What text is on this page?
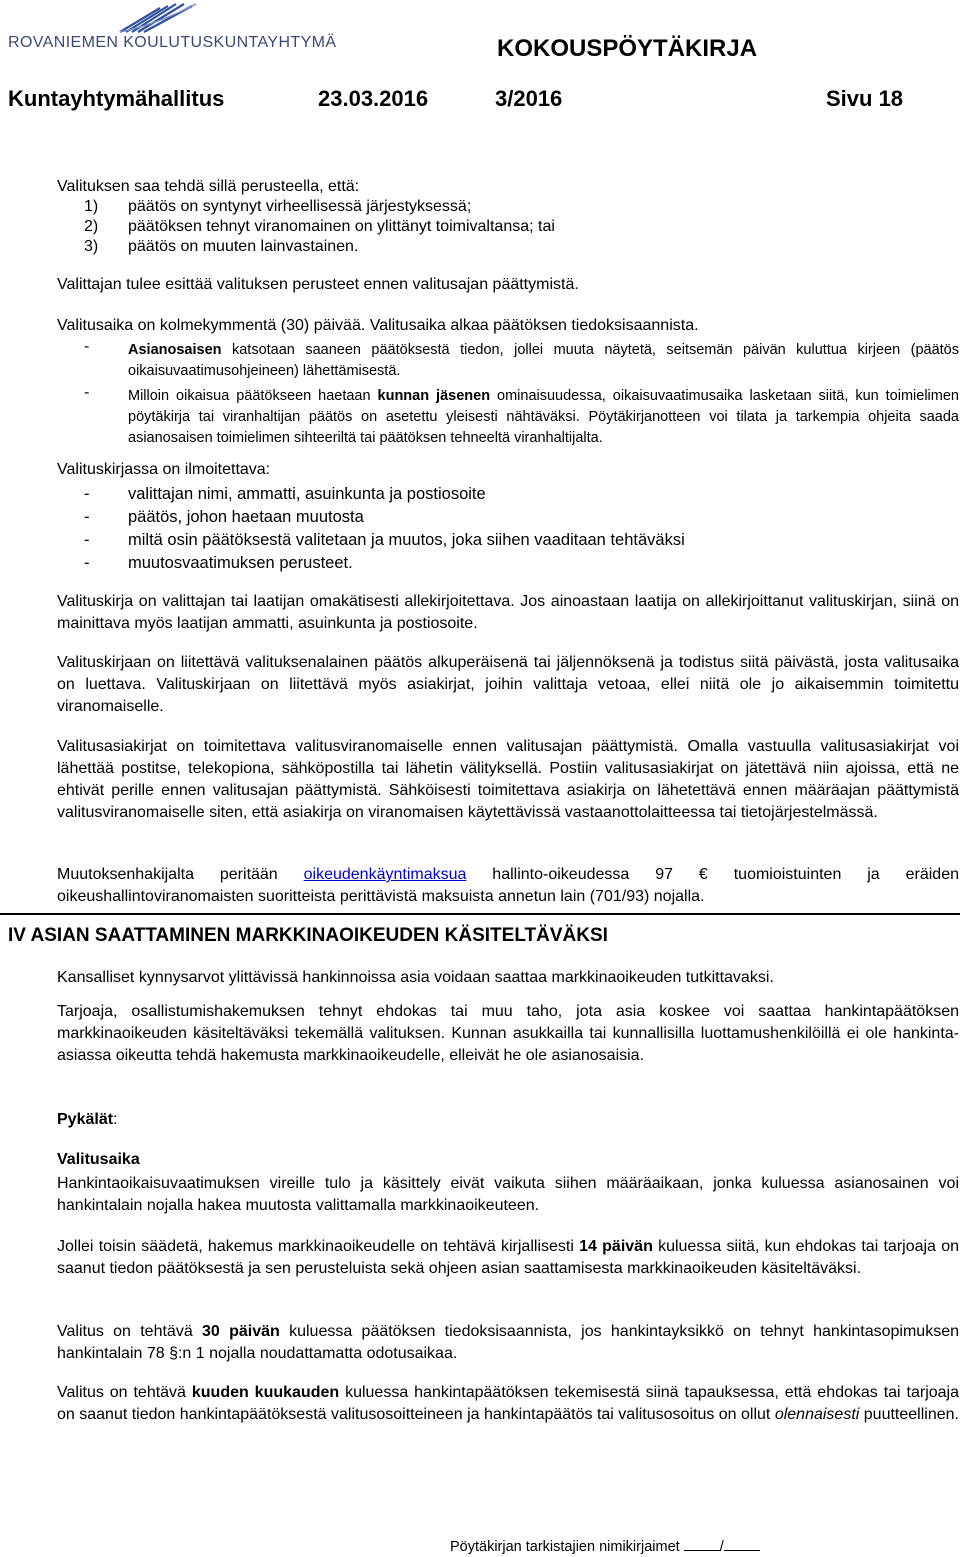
ROVANIEMEN KOULUTUSKUNTAYHTYMÄ	KOKOUSPÖYTÄKIRJA
Kuntayhtymähallitus	23.03.2016	3/2016	Sivu 18
Valituksen saa tehdä sillä perusteella, että:
1) päätös on syntynyt virheellisessä järjestyksessä;
2) päätöksen tehnyt viranomainen on ylittänyt toimivaltansa; tai
3) päätös on muuten lainvastainen.
Valittajan tulee esittää valituksen perusteet ennen valitusajan päättymistä.
Valitusaika on kolmekymmentä (30) päivää. Valitusaika alkaa päätöksen tiedoksisaannista.
-	Asianosaisen katsotaan saaneen päätöksestä tiedon, jollei muuta näytetä, seitsemän päivän kuluttua kirjeen (päätös oikaisuvaatimusohjeineen) lähettämisestä.
-	Milloin oikaisua päätökseen haetaan kunnan jäsenen ominaisuudessa, oikaisuvaatimusaika lasketaan siitä, kun toimielimen pöytäkirja tai viranhaltijan päätös on asetettu yleisesti nähtäväksi. Pöytäkirjanotteen voi tilata ja tarkempia ohjeita saada asianosaisen toimielimen sihteeriltä tai päätöksen tehneeltä viranhaltijalta.
Valituskirjassa on ilmoitettava:
- valittajan nimi, ammatti, asuinkunta ja postiosoite
- päätös, johon haetaan muutosta
- miltä osin päätöksestä valitetaan ja muutos, joka siihen vaaditaan tehtäväksi
- muutosvaatimuksen perusteet.
Valituskirja on valittajan tai laatijan omakätisesti allekirjoitettava. Jos ainoastaan laatija on allekirjoittanut valituskirjan, siinä on mainittava myös laatijan ammatti, asuinkunta ja postiosoite.
Valituskirjaan on liitettävä valituksenalainen päätös alkuperäisenä tai jäljennöksenä ja todistus siitä päivästä, josta valitusaika on luettava. Valituskirjaan on liitettävä myös asiakirjat, joihin valittaja vetoaa, ellei niitä ole jo aikaisemmin toimitettu viranomaiselle.
Valitusasiakirjat on toimitettava valitusviranomaiselle ennen valitusajan päättymistä. Omalla vastuulla valitusasiakirjat voi lähettää postitse, telekopiona, sähköpostilla tai lähetin välityksellä. Postiin valitusasiakirjat on jätettävä niin ajoissa, että ne ehtivät perille ennen valitusajan päättymistä. Sähköisesti toimitettava asiakirja on lähetettävä ennen määräajan päättymistä valitusviranomaiselle siten, että asiakirja on viranomaisen käytettävissä vastaanottolaitteessa tai tietojärjestelmässä.
Muutoksenhakijalta peritään oikeudenkäyntimaksua hallinto-oikeudessa 97 € tuomioistuinten ja eräiden oikeushallintoviranomaisten suoritteista perittävistä maksuista annetun lain (701/93) nojalla.
IV ASIAN SAATTAMINEN MARKKINAOIKEUDEN KÄSITELTÄVÄKSI
Kansalliset kynnysarvot ylittävissä hankinnoissa asia voidaan saattaa markkinaoikeuden tutkittavaksi.
Tarjoaja, osallistumishakemuksen tehnyt ehdokas tai muu taho, jota asia koskee voi saattaa hankintapäätöksen markkinaoikeuden käsiteltäväksi tekemällä valituksen. Kunnan asukkailla tai kunnallisilla luottamushenkilöillä ei ole hankinta-asiassa oikeutta tehdä hakemusta markkinaoikeudelle, elleivät he ole asianosaisia.
Pykälät:
Valitusaika
Hankintaoikaisuvaatimuksen vireille tulo ja käsittely eivät vaikuta siihen määräaikaan, jonka kuluessa asianosainen voi hankintalain nojalla hakea muutosta valittamalla markkinaoikeuteen.
Jollei toisin säädetä, hakemus markkinaoikeudelle on tehtävä kirjallisesti 14 päivän kuluessa siitä, kun ehdokas tai tarjoaja on saanut tiedon päätöksestä ja sen perusteluista sekä ohjeen asian saattamisesta markkinaoikeuden käsiteltäväksi.
Valitus on tehtävä 30 päivän kuluessa päätöksen tiedoksisaannista, jos hankintayksikkö on tehnyt hankintasopimuksen hankintalain 78 §:n 1 nojalla noudattamatta odotusaikaa.
Valitus on tehtävä kuuden kuukauden kuluessa hankintapäätöksen tekemisestä siinä tapauksessa, että ehdokas tai tarjoaja on saanut tiedon hankintapäätöksestä valitusosoitteineen ja hankintapäätös tai valitusosoitus on ollut olennaisesti puutteellinen.
Pöytäkirjan tarkistajien nimikirjaimet	/
